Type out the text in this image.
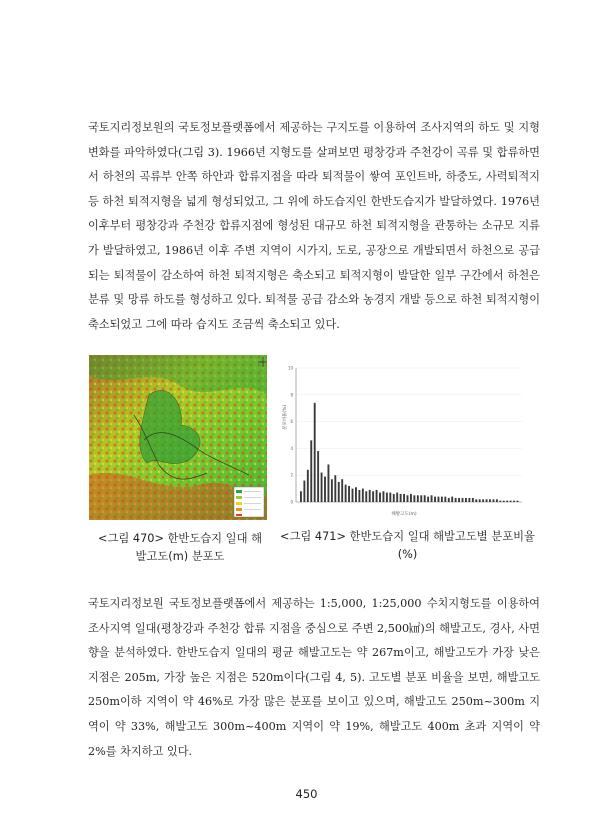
국토지리정보원의 국토정보플랫폼에서 제공하는 구지도를 이용하여 조사지역의 하도 및 지형 변화를 파악하였다(그림 3). 1966년 지형도를 살펴보면 평창강과 주천강이 곡류 및 합류하면서 하천의 곡류부 안쪽 하안과 합류지점을 따라 퇴적물이 쌓여 포인트바, 하중도, 사력퇴적지 등 하천 퇴적지형을 넓게 형성되었고, 그 위에 하도습지인 한반도습지가 발달하였다. 1976년 이후부터 평창강과 주천강 합류지점에 형성된 대규모 하천 퇴적지형을 관통하는 소규모 지류가 발달하였고, 1986년 이후 주변 지역이 시가지, 도로, 공장으로 개발되면서 하천으로 공급되는 퇴적물이 감소하여 하천 퇴적지형은 축소되고 퇴적지형이 발달한 일부 구간에서 하천은 분류 및 망류 하도를 형성하고 있다. 퇴적물 공급 감소와 농경지 개발 등으로 하천 퇴적지형이 축소되었고 그에 따라 습지도 조금씩 축소되고 있다.

0
2
4
6
8
10
분포비율(%)
해발고도(m)
<그림 470> 한반도습지 일대 해발고도(m) 분포도
<그림 471> 한반도습지 일대 해발고도별 분포비율(%)

국토지리정보원 국토정보플랫폼에서 제공하는 1:5,000, 1:25,000 수치지형도를 이용하여 조사지역 일대(평창강과 주천강 합류 지점을 중심으로 주변 2,500㎢)의 해발고도, 경사, 사면향을 분석하였다. 한반도습지 일대의 평균 해발고도는 약 267m이고, 해발고도가 가장 낮은 지점은 205m, 가장 높은 지점은 520m이다(그림 4, 5). 고도별 분포 비율을 보면, 해발고도 250m이하 지역이 약 46%로 가장 많은 분포를 보이고 있으며, 해발고도 250m~300m 지역이 약 33%, 해발고도 300m~400m 지역이 약 19%, 해발고도 400m 초과 지역이 약 2%를 차지하고 있다.

450
